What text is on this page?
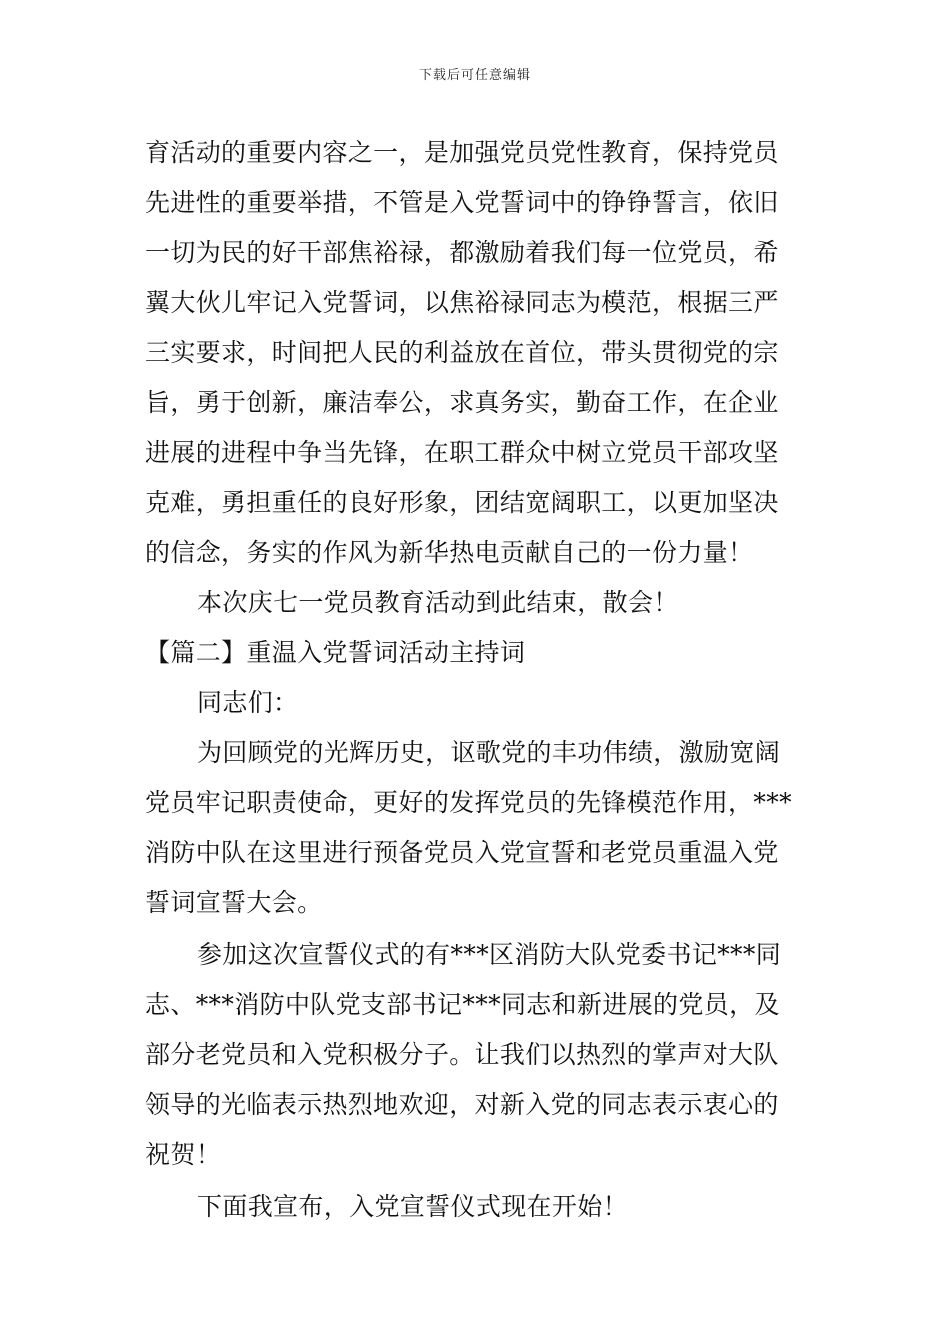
下载后可任意编辑
育活动的重要内容之一，是加强党员党性教育，保持党员
先进性的重要举措，不管是入党誓词中的铮铮誓言，依旧
一切为民的好干部焦裕禄，都激励着我们每一位党员，希
翼大伙儿牢记入党誓词，以焦裕禄同志为模范，根据三严
三实要求，时间把人民的利益放在首位，带头贯彻党的宗
旨，勇于创新，廉洁奉公，求真务实，勤奋工作，在企业
进展的进程中争当先锋，在职工群众中树立党员干部攻坚
克难，勇担重任的良好形象，团结宽阔职工，以更加坚决
的信念，务实的作风为新华热电贡献自己的一份力量！
本次庆七一党员教育活动到此结束，散会！
【篇二】重温入党誓词活动主持词
同志们：
为回顾党的光辉历史，讴歌党的丰功伟绩，激励宽阔
党员牢记职责使命，更好的发挥党员的先锋模范作用，***
消防中队在这里进行预备党员入党宣誓和老党员重温入党
誓词宣誓大会。
参加这次宣誓仪式的有***区消防大队党委书记***同
志、***消防中队党支部书记***同志和新进展的党员，及
部分老党员和入党积极分子。让我们以热烈的掌声对大队
领导的光临表示热烈地欢迎，对新入党的同志表示衷心的
祝贺！
下面我宣布，入党宣誓仪式现在开始！
